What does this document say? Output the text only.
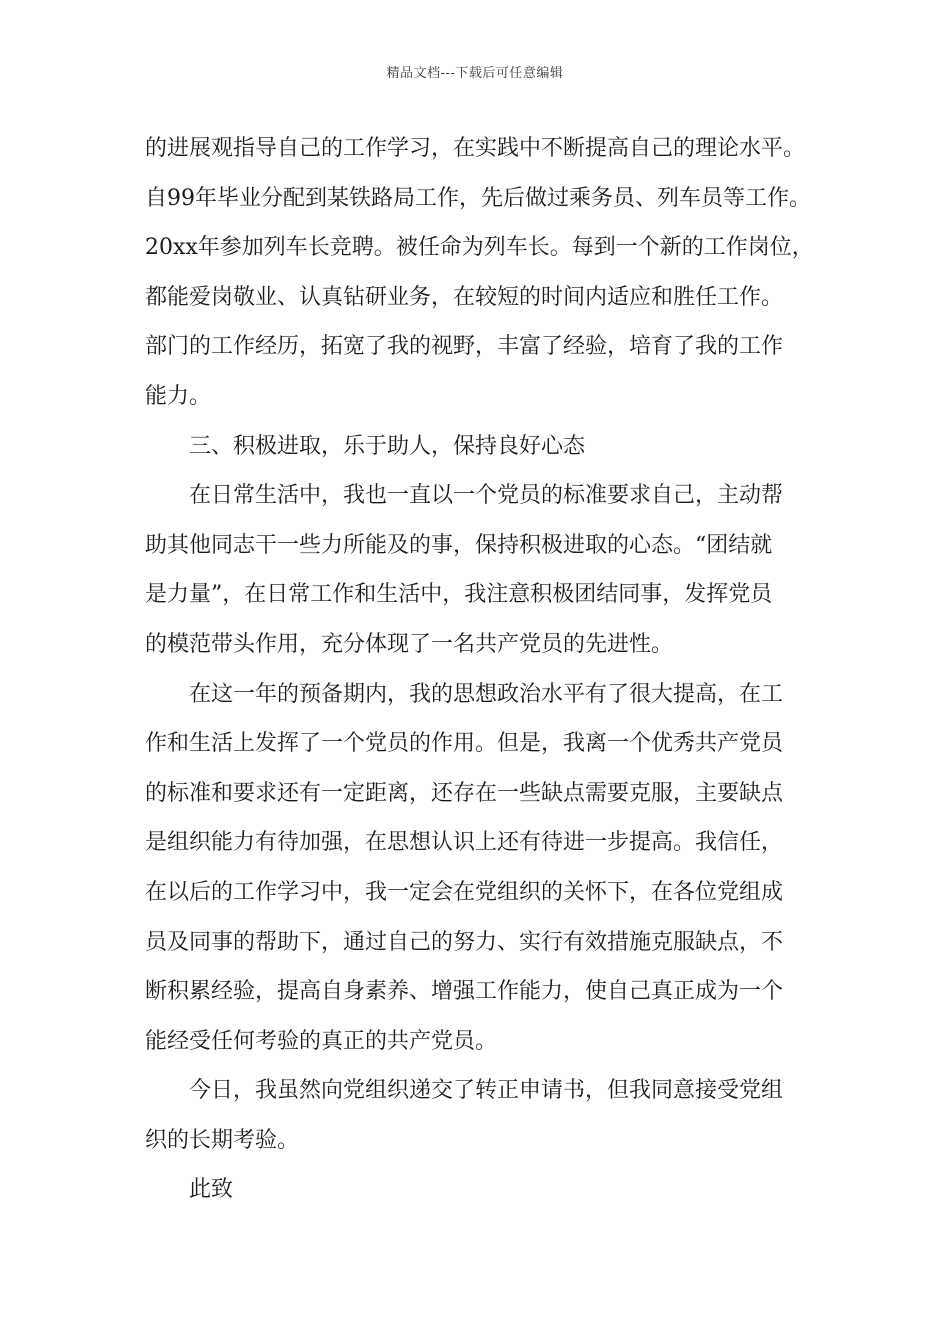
精品文档---下载后可任意编辑
的进展观指导自己的工作学习，在实践中不断提高自己的理论水平。
自99年毕业分配到某铁路局工作，先后做过乘务员、列车员等工作。
20xx年参加列车长竞聘。被任命为列车长。每到一个新的工作岗位，
都能爱岗敬业、认真钻研业务，在较短的时间内适应和胜任工作。
部门的工作经历，拓宽了我的视野，丰富了经验，培育了我的工作
能力。
三、积极进取，乐于助人，保持良好心态
在日常生活中，我也一直以一个党员的标准要求自己，主动帮
助其他同志干一些力所能及的事，保持积极进取的心态。“团结就
是力量”，在日常工作和生活中，我注意积极团结同事，发挥党员
的模范带头作用，充分体现了一名共产党员的先进性。
在这一年的预备期内，我的思想政治水平有了很大提高，在工
作和生活上发挥了一个党员的作用。但是，我离一个优秀共产党员
的标准和要求还有一定距离，还存在一些缺点需要克服，主要缺点
是组织能力有待加强，在思想认识上还有待进一步提高。我信任，
在以后的工作学习中，我一定会在党组织的关怀下，在各位党组成
员及同事的帮助下，通过自己的努力、实行有效措施克服缺点，不
断积累经验，提高自身素养、增强工作能力，使自己真正成为一个
能经受任何考验的真正的共产党员。
今日，我虽然向党组织递交了转正申请书，但我同意接受党组
织的长期考验。
此致
